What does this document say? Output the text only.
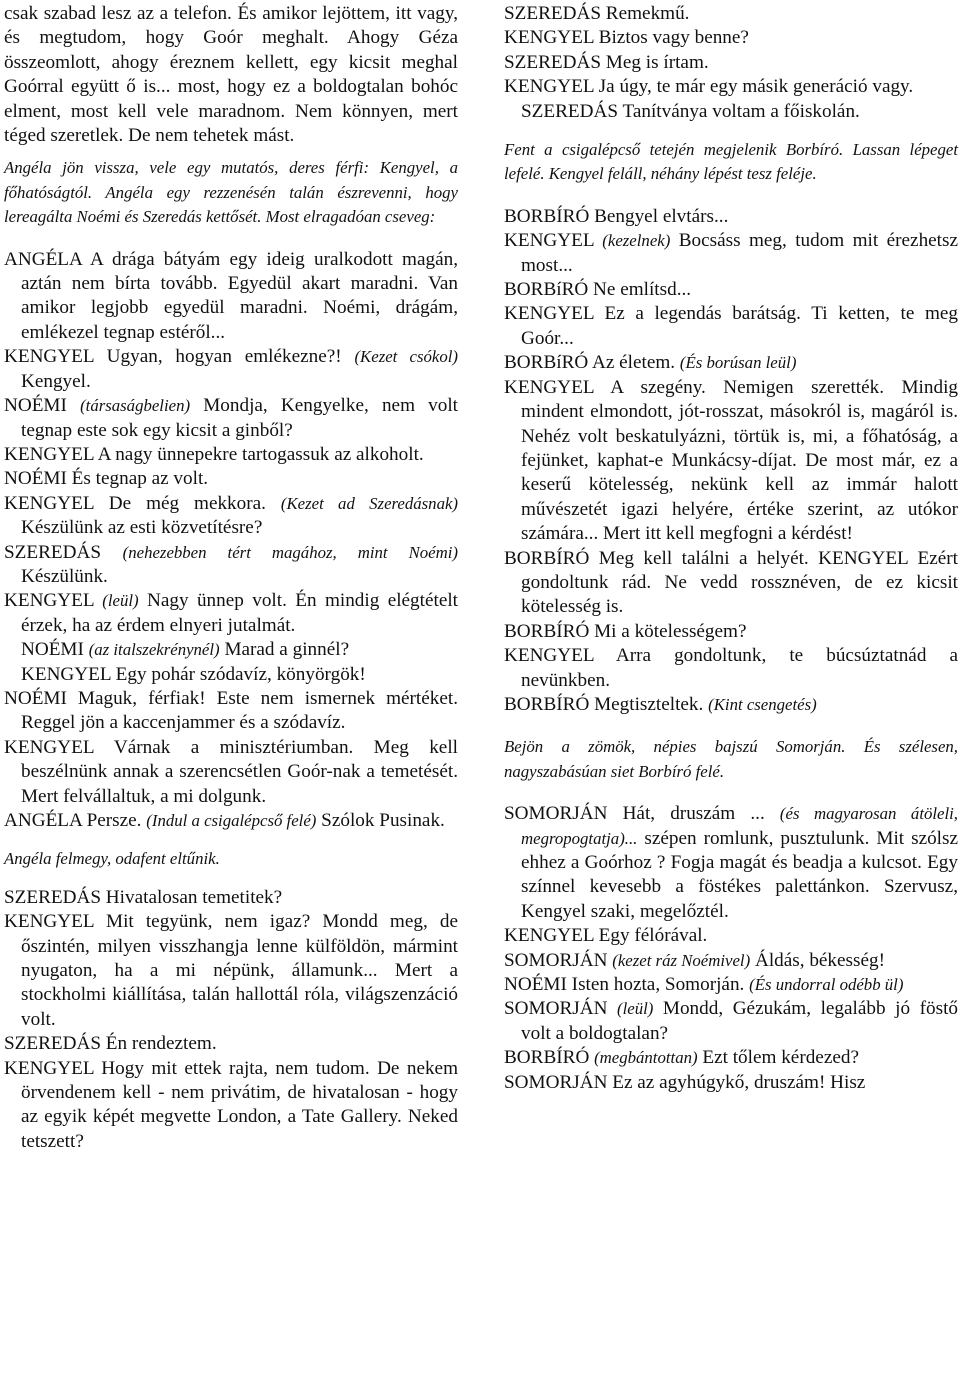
csak szabad lesz az a telefon. És amikor lejöttem, itt vagy, és megtudom, hogy Goór meghalt. Ahogy Géza összeomlott, ahogy éreznem kellett, egy kicsit meghal Goórral együtt ő is... most, hogy ez a boldogtalan bohóc elment, most kell vele maradnom. Nem könnyen, mert téged szeretlek. De nem tehetek mást.

Angéla jön vissza, vele egy mutatós, deres férfi: Kengyel, a főhatóságtól. Angéla egy rezzenésén talán észrevenni, hogy lereagálta Noémi és Szeredás kettősét. Most elragadóan cseveg:

ANGÉLA A drága bátyám egy ideig uralkodott magán, aztán nem bírta tovább. Egyedül akart maradni. Van amikor legjobb egyedül maradni. Noémi, drágám, emlékezel tegnap estéről...

KENGYEL Ugyan, hogyan emlékezne?! (Kezet csókol) Kengyel.

NOÉMI (társaságbelien) Mondja, Kengyelke, nem volt tegnap este sok egy kicsit a ginből?

KENGYEL A nagy ünnepekre tartogassuk az alkoholt.

NOÉMI És tegnap az volt.

KENGYEL De még mekkora. (Kezet ad Szeredásnak) Készülünk az esti közvetítésre?

SZEREDÁS (nehezebben tért magához, mint Noémi) Készülünk.

KENGYEL (leül) Nagy ünnep volt. Én mindig elégtételt érzek, ha az érdem elnyeri jutalmát.

NOÉMI (az italszekrénynél) Marad a ginnél?

KENGYEL Egy pohár szódavíz, könyörgök!

NOÉMI Maguk, férfiak! Este nem ismernek mértéket. Reggel jön a kaccenjammer és a szódavíz.

KENGYEL Várnak a minisztériumban. Meg kell beszélnünk annak a szerencsétlen Goór-nak a temetését. Mert felvállaltuk, a mi dolgunk.

ANGÉLA Persze. (Indul a csigalépcső felé) Szólok Pusinak.

Angéla felmegy, odafent eltűnik.

SZEREDÁS Hivatalosan temetitek?

KENGYEL Mit tegyünk, nem igaz? Mondd meg, de őszintén, milyen visszhangja lenne külföldön, mármint nyugaton, ha a mi népünk, államunk... Mert a stockholmi kiállítása, talán hallottál róla, világszenzáció volt.

SZEREDÁS Én rendeztem.

KENGYEL Hogy mit ettek rajta, nem tudom. De nekem örvendenem kell - nem privátim, de hivatalosan - hogy az egyik képét megvette London, a Tate Gallery. Neked tetszett?

SZEREDÁS Remekmű.

KENGYEL Biztos vagy benne?

SZEREDÁS Meg is írtam.

KENGYEL Ja úgy, te már egy másik generáció vagy.

SZEREDÁS Tanítványa voltam a főiskolán.

Fent a csigalépcső tetején megjelenik Borbíró. Lassan lépeget lefelé. Kengyel feláll, néhány lépést tesz feléje.

BORBÍRÓ Bengyel elvtárs...

KENGYEL (kezelnek) Bocsáss meg, tudom mit érezhetsz most...

BORBíRÓ Ne említsd...

KENGYEL Ez a legendás barátság. Ti ketten, te meg Goór...

BORBíRÓ Az életem. (És borúsan leül)

KENGYEL A szegény. Nemigen szerették. Mindig mindent elmondott, jót-rosszat, másokról is, magáról is. Nehéz volt beskatulyázni, törtük is, mi, a főhatóság, a fejünket, kaphat-e Munkácsy-díjat. De most már, ez a keserű kötelesség, nekünk kell az immár halott művészetét igazi helyére, értéke szerint, az utókor számára... Mert itt kell megfogni a kérdést!

BORBÍRÓ Meg kell találni a helyét. KENGYEL Ezért gondoltunk rád. Ne vedd rossznéven, de ez kicsit kötelesség is.

BORBÍRÓ Mi a kötelességem?

KENGYEL Arra gondoltunk, te búcsúztatnád a nevünkben.

BORBÍRÓ Megtiszteltek. (Kint csengetés)

Bejön a zömök, népies bajszú Somorján. És szélesen, nagyszabásúan siet Borbíró felé.

SOMORJÁN Hát, druszám ... (és magyarosan átöleli, megropogtatja)... szépen romlunk, pusztulunk. Mit szólsz ehhez a Goórhoz ? Fogja magát és beadja a kulcsot. Egy színnel kevesebb a föstékes palettánkon. Szervusz, Kengyel szaki, megelőztél.

KENGYEL Egy félórával.

SOMORJÁN (kezet ráz Noémivel) Áldás, békesség!

NOÉMI Isten hozta, Somorján. (És undorral odébb ül)

SOMORJÁN (leül) Mondd, Gézukám, legalább jó föstő volt a boldogtalan?

BORBÍRÓ (megbántottan) Ezt tőlem kérdezed?

SOMORJÁN Ez az agyhúgykő, druszám! Hisz
